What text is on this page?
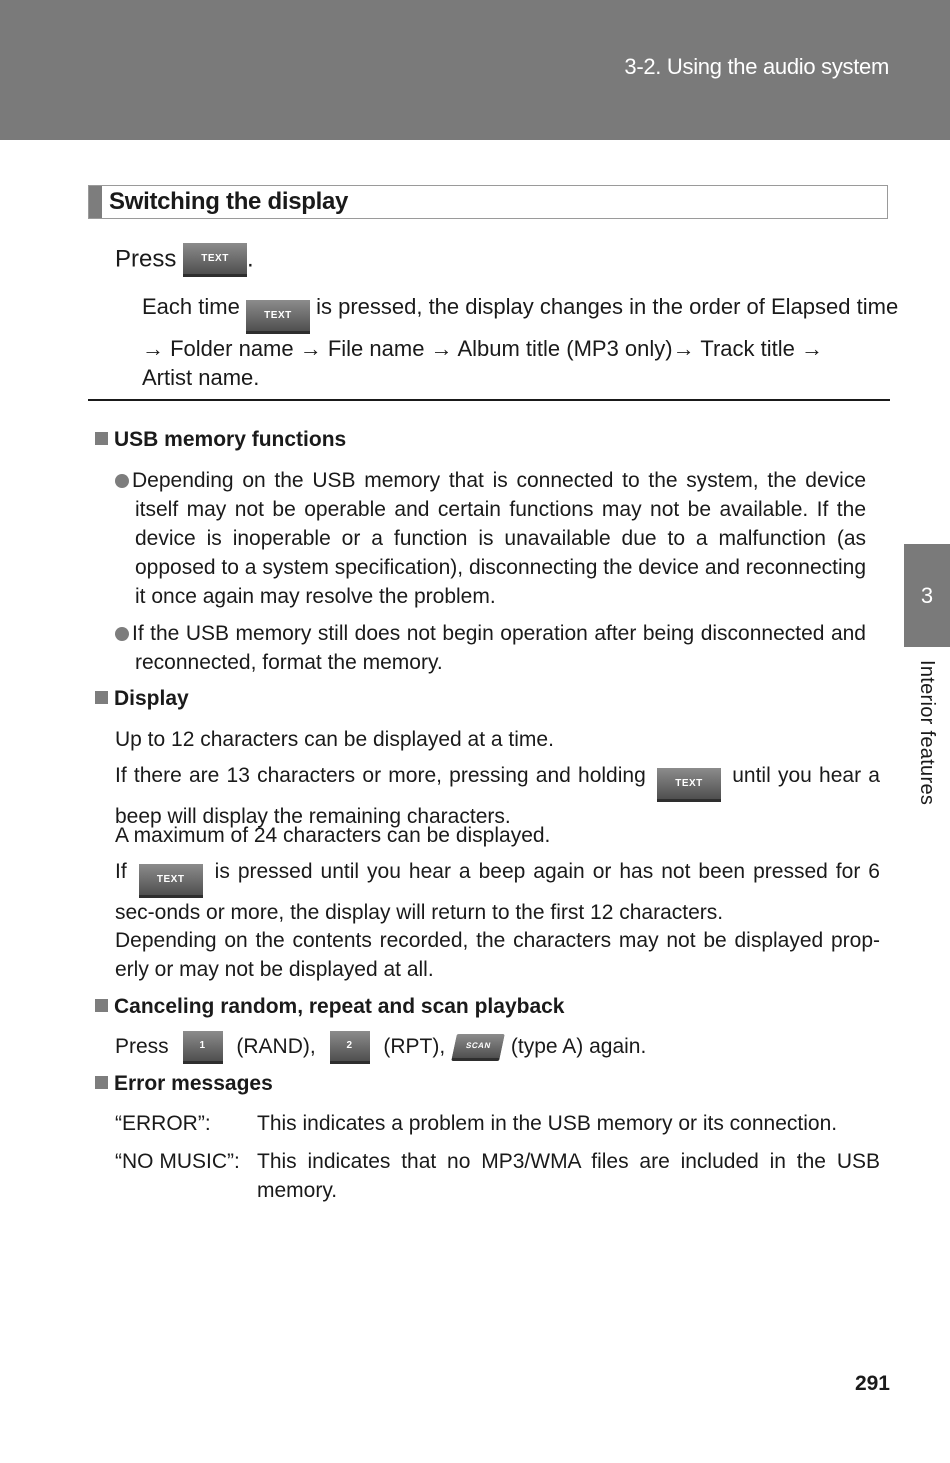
3-2. Using the audio system
Switching the display
Press TEXT .
Each time TEXT is pressed, the display changes in the order of Elapsed time
→ Folder name → File name → Album title (MP3 only)→ Track title →
Artist name.
USB memory functions
Depending on the USB memory that is connected to the system, the device itself may not be operable and certain functions may not be available. If the device is inoperable or a function is unavailable due to a malfunction (as opposed to a system specification), disconnecting the device and reconnecting it once again may resolve the problem.
If the USB memory still does not begin operation after being disconnected and reconnected, format the memory.
Display
Up to 12 characters can be displayed at a time.
If there are 13 characters or more, pressing and holding	TEXT until you hear a beep will display the remaining characters.
A maximum of 24 characters can be displayed.
If	TEXT is pressed until you hear a beep again or has not been pressed for 6 sec-onds or more, the display will return to the first 12 characters.
Depending on the contents recorded, the characters may not be displayed prop-erly or may not be displayed at all.
Canceling random, repeat and scan playback
Press	1 (RAND),	2 (RPT), SCAN (type A) again.
Error messages
“ERROR”: This indicates a problem in the USB memory or its connection.
“NO MUSIC”: This indicates that no MP3/WMA files are included in the USB memory.
3
Interior features
291
